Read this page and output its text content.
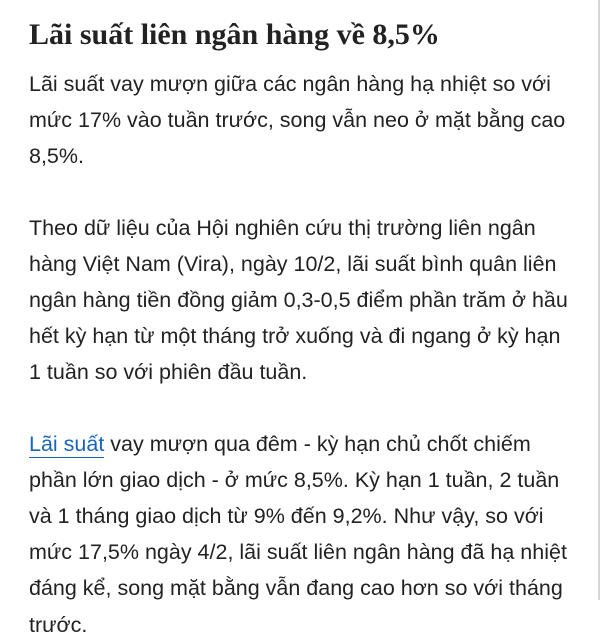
Lãi suất liên ngân hàng về 8,5%

Lãi suất vay mượn giữa các ngân hàng hạ nhiệt so với mức 17% vào tuần trước, song vẫn neo ở mặt bằng cao 8,5%.

Theo dữ liệu của Hội nghiên cứu thị trường liên ngân hàng Việt Nam (Vira), ngày 10/2, lãi suất bình quân liên ngân hàng tiền đồng giảm 0,3-0,5 điểm phần trăm ở hầu hết kỳ hạn từ một tháng trở xuống và đi ngang ở kỳ hạn 1 tuần so với phiên đầu tuần.

Lãi suất vay mượn qua đêm - kỳ hạn chủ chốt chiếm phần lớn giao dịch - ở mức 8,5%. Kỳ hạn 1 tuần, 2 tuần và 1 tháng giao dịch từ 9% đến 9,2%. Như vậy, so với mức 17,5% ngày 4/2, lãi suất liên ngân hàng đã hạ nhiệt đáng kể, song mặt bằng vẫn đang cao hơn so với tháng trước.
